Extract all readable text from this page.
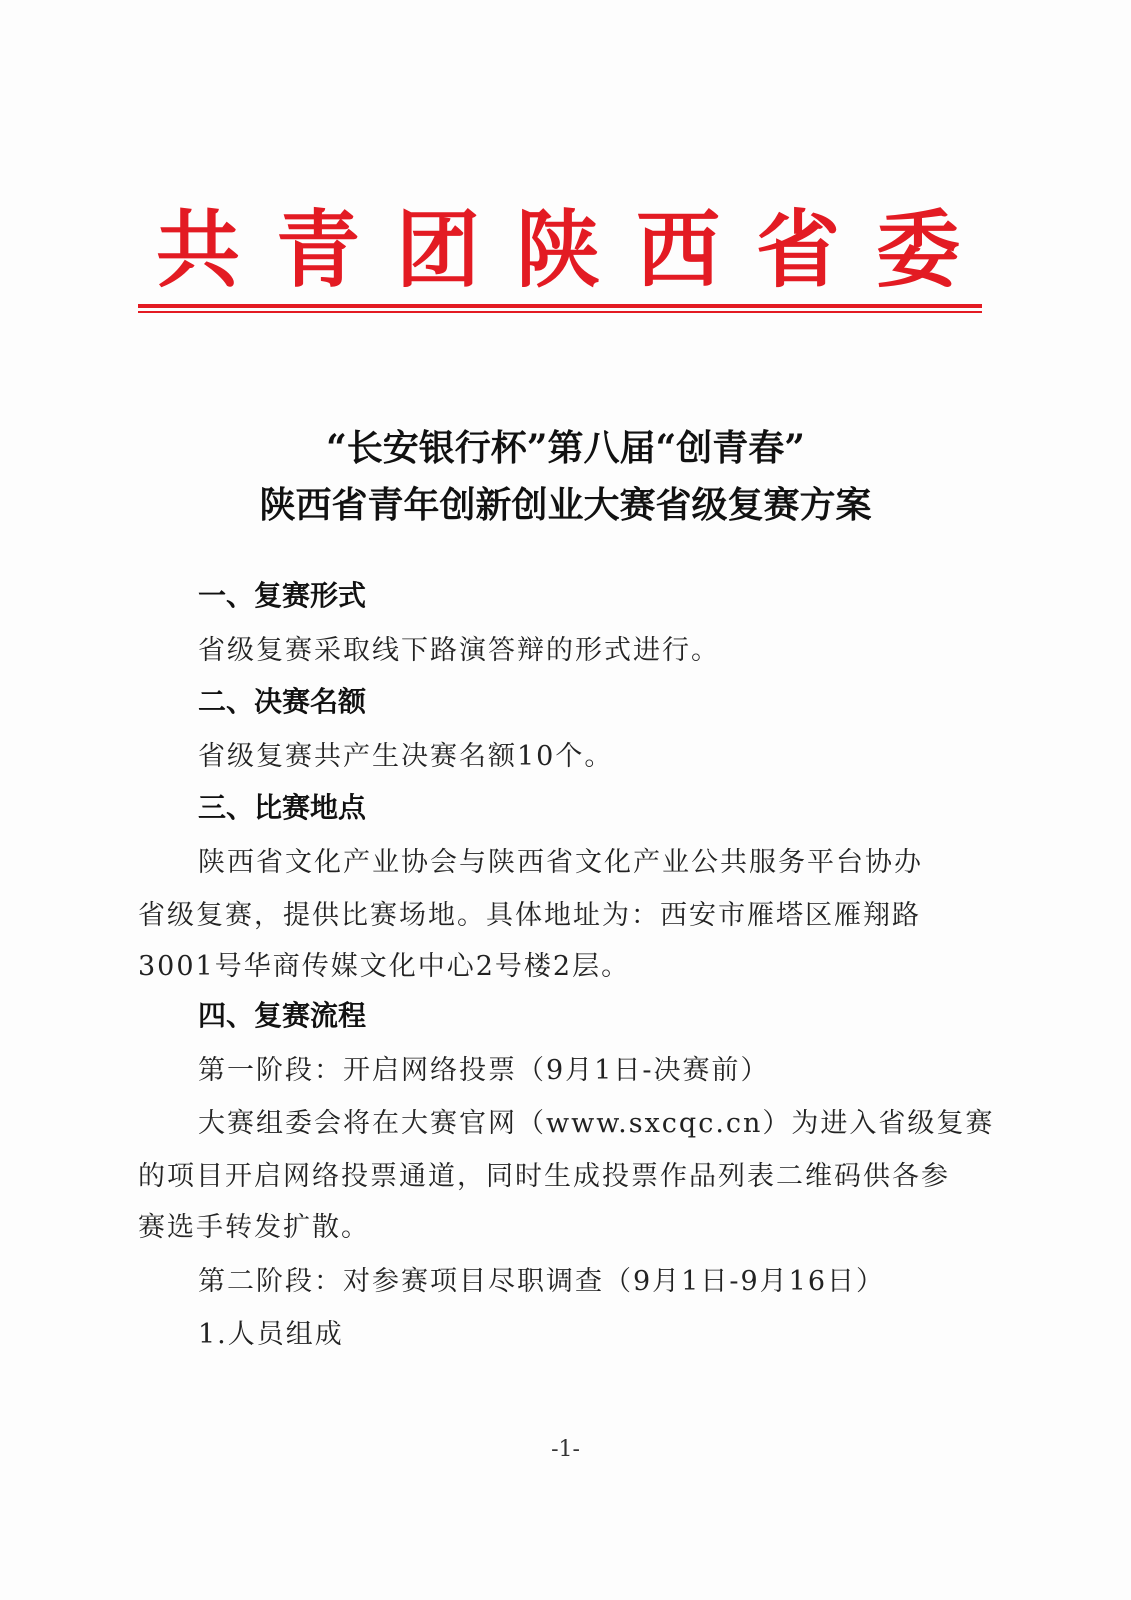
共青团陕西省委
“长安银行杯”第八届“创青春”
陕西省青年创新创业大赛省级复赛方案
一、复赛形式
省级复赛采取线下路演答辩的形式进行。
二、决赛名额
省级复赛共产生决赛名额10个。
三、比赛地点
陕西省文化产业协会与陕西省文化产业公共服务平台协办
省级复赛，提供比赛场地。具体地址为：西安市雁塔区雁翔路
3001号华商传媒文化中心2号楼2层。
四、复赛流程
第一阶段：开启网络投票（9月1日-决赛前）
大赛组委会将在大赛官网（www.sxcqc.cn）为进入省级复赛
的项目开启网络投票通道，同时生成投票作品列表二维码供各参
赛选手转发扩散。
第二阶段：对参赛项目尽职调查（9月1日-9月16日）
1.人员组成
-1-
